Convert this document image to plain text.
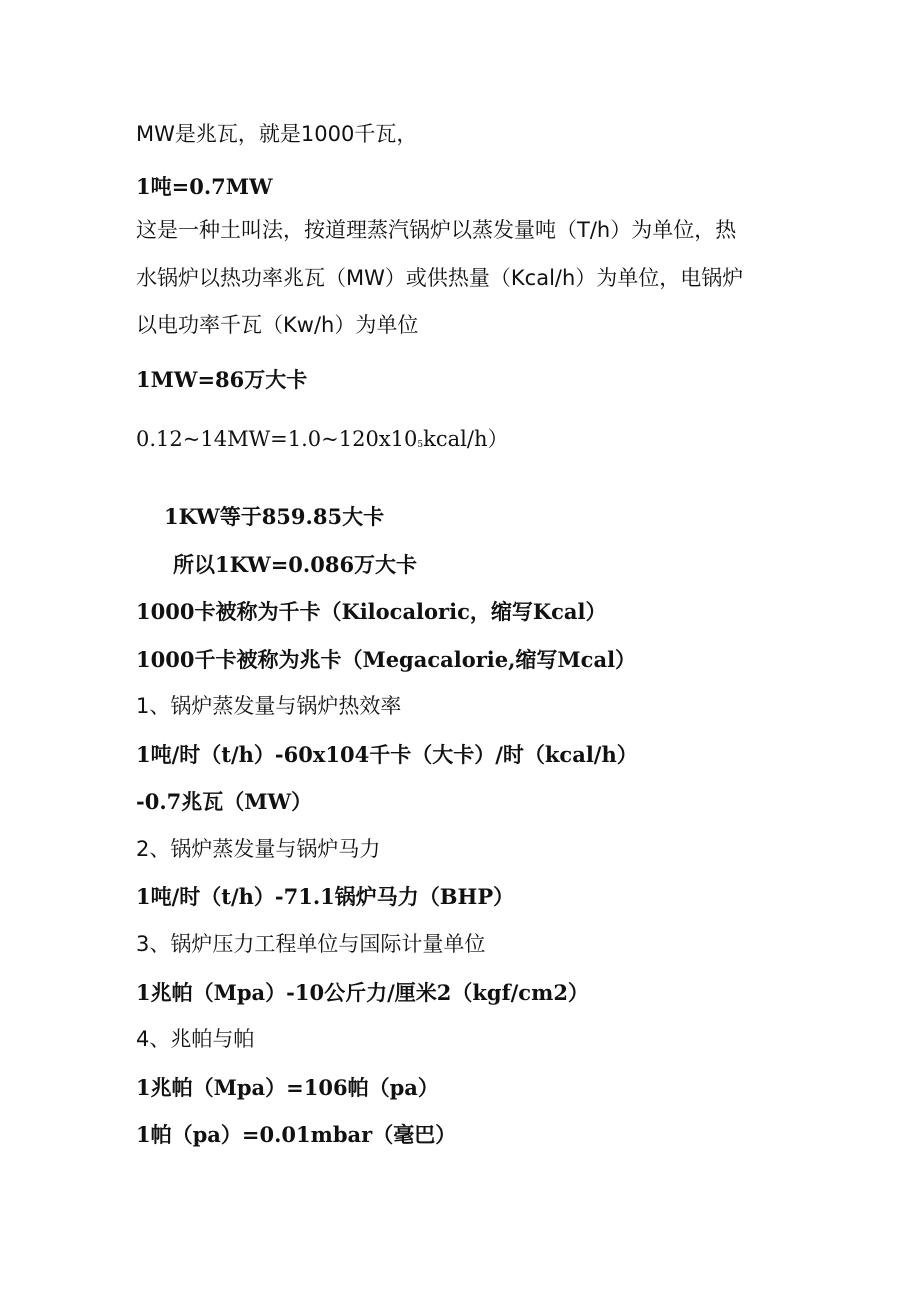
MW是兆瓦，就是1000千瓦，
1吨=0.7MW
这是一种土叫法，按道理蒸汽锅炉以蒸发量吨（T/h）为单位，热
水锅炉以热功率兆瓦（MW）或供热量（Kcal/h）为单位，电锅炉
以电功率千瓦（Kw/h）为单位
1MW=86万大卡
0.12~14MW=1.0~120x105kcal/h）
1KW等于859.85大卡
所以1KW=0.086万大卡
1000卡被称为千卡（Kilocaloric，缩写Kcal）
1000千卡被称为兆卡（Megacalorie,缩写Mcal）
1、锅炉蒸发量与锅炉热效率
1吨/时（t/h）-60x104千卡（大卡）/时（kcal/h）
-0.7兆瓦（MW）
2、锅炉蒸发量与锅炉马力
1吨/时（t/h）-71.1锅炉马力（BHP）
3、锅炉压力工程单位与国际计量单位
1兆帕（Mpa）-10公斤力/厘米2（kgf/cm2）
4、兆帕与帕
1兆帕（Mpa）=106帕（pa）
1帕（pa）=0.01mbar（毫巴）
